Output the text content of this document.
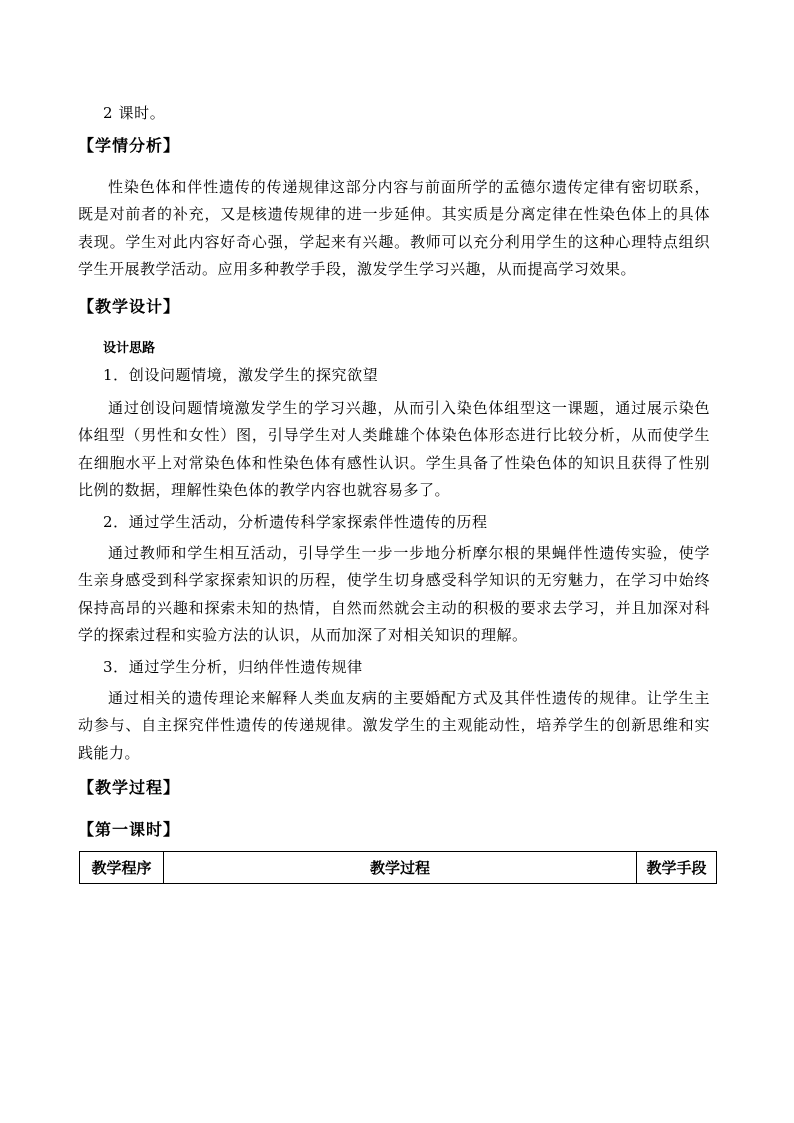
2 课时。
【学情分析】
性染色体和伴性遗传的传递规律这部分内容与前面所学的孟德尔遗传定律有密切联系，既是对前者的补充，又是核遗传规律的进一步延伸。其实质是分离定律在性染色体上的具体表现。学生对此内容好奇心强，学起来有兴趣。教师可以充分利用学生的这种心理特点组织学生开展教学活动。应用多种教学手段，激发学生学习兴趣，从而提高学习效果。
【教学设计】
设计思路
1．创设问题情境，激发学生的探究欲望
通过创设问题情境激发学生的学习兴趣，从而引入染色体组型这一课题，通过展示染色体组型（男性和女性）图，引导学生对人类雌雄个体染色体形态进行比较分析，从而使学生在细胞水平上对常染色体和性染色体有感性认识。学生具备了性染色体的知识且获得了性别比例的数据，理解性染色体的教学内容也就容易多了。
2．通过学生活动，分析遗传科学家探索伴性遗传的历程
通过教师和学生相互活动，引导学生一步一步地分析摩尔根的果蝇伴性遗传实验，使学生亲身感受到科学家探索知识的历程，使学生切身感受科学知识的无穷魅力，在学习中始终保持高昂的兴趣和探索未知的热情，自然而然就会主动的积极的要求去学习，并且加深对科学的探索过程和实验方法的认识，从而加深了对相关知识的理解。
3．通过学生分析，归纳伴性遗传规律
通过相关的遗传理论来解释人类血友病的主要婚配方式及其伴性遗传的规律。让学生主动参与、自主探究伴性遗传的传递规律。激发学生的主观能动性，培养学生的创新思维和实践能力。
【教学过程】
【第一课时】
教学程序	教学过程	教学手段
